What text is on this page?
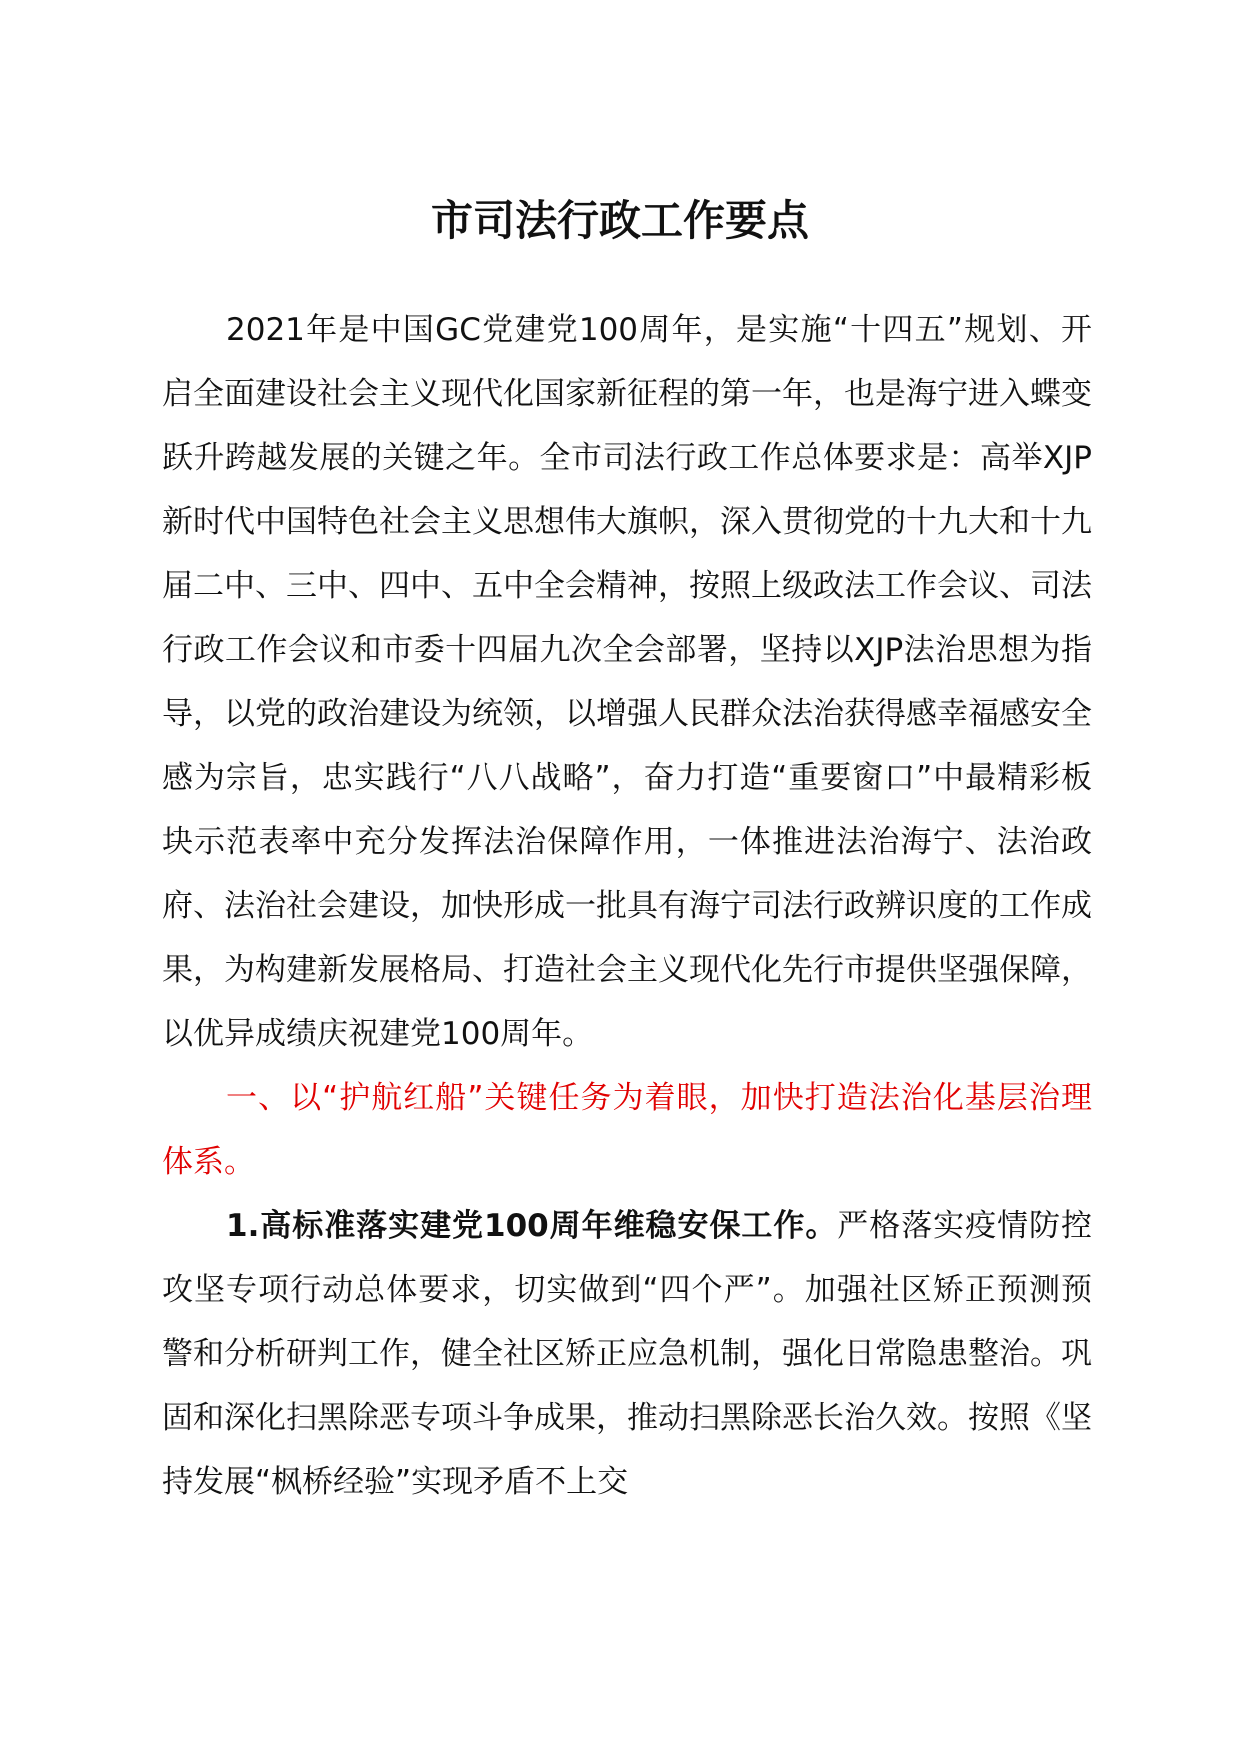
市司法行政工作要点

2021年是中国GC党建党100周年，是实施“十四五”规划、开启全面建设社会主义现代化国家新征程的第一年，也是海宁进入蝶变跃升跨越发展的关键之年。全市司法行政工作总体要求是：高举XJP新时代中国特色社会主义思想伟大旗帜，深入贯彻党的十九大和十九届二中、三中、四中、五中全会精神，按照上级政法工作会议、司法行政工作会议和市委十四届九次全会部署，坚持以XJP法治思想为指导，以党的政治建设为统领，以增强人民群众法治获得感幸福感安全感为宗旨，忠实践行“八八战略”，奋力打造“重要窗口”中最精彩板块示范表率中充分发挥法治保障作用，一体推进法治海宁、法治政府、法治社会建设，加快形成一批具有海宁司法行政辨识度的工作成果，为构建新发展格局、打造社会主义现代化先行市提供坚强保障，以优异成绩庆祝建党100周年。

一、以“护航红船”关键任务为着眼，加快打造法治化基层治理体系。

1.高标准落实建党100周年维稳安保工作。严格落实疫情防控攻坚专项行动总体要求，切实做到“四个严”。加强社区矫正预测预警和分析研判工作，健全社区矫正应急机制，强化日常隐患整治。巩固和深化扫黑除恶专项斗争成果，推动扫黑除恶长治久效。按照《坚持发展“枫桥经验”实现矛盾不上交
